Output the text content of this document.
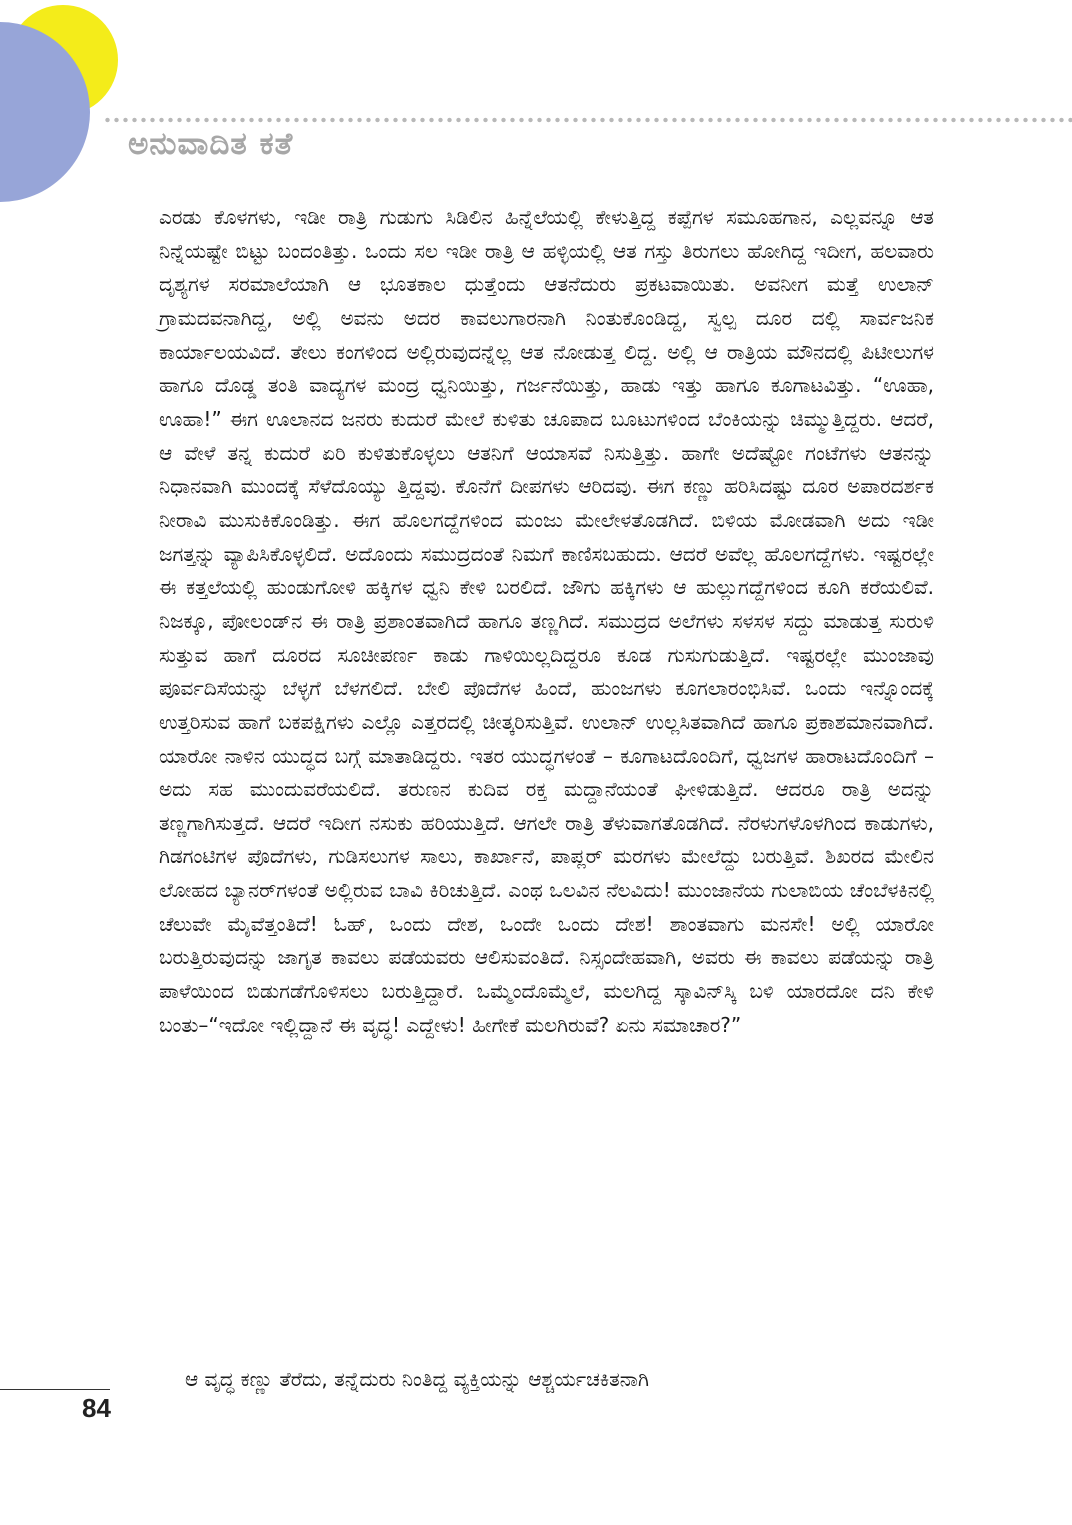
ಅನುವಾದಿತ ಕತೆ

ಎರಡು ಕೊಳಗಳು, ಇಡೀ ರಾತ್ರಿ ಗುಡುಗು ಸಿಡಿಲಿನ ಹಿನ್ನೆಲೆಯಲ್ಲಿ ಕೇಳುತ್ತಿದ್ದ ಕಪ್ಪೆಗಳ ಸಮೂಹಗಾನ, ಎಲ್ಲವನ್ನೂ ಆತ ನಿನ್ನೆಯಷ್ಟೇ ಬಿಟ್ಟು ಬಂದಂತಿತ್ತು. ಒಂದು ಸಲ ಇಡೀ ರಾತ್ರಿ ಆ ಹಳ್ಳಿಯಲ್ಲಿ ಆತ ಗಸ್ತು ತಿರುಗಲು ಹೋಗಿದ್ದ ಇದೀಗ, ಹಲವಾರು ದೃಶ್ಯಗಳ ಸರಮಾಲೆಯಾಗಿ ಆ ಭೂತಕಾಲ ಧುತ್ತೆಂದು ಆತನೆದುರು ಪ್ರಕಟವಾಯಿತು. ಅವನೀಗ ಮತ್ತೆ ಉಲಾನ್ ಗ್ರಾಮದವನಾಗಿದ್ದ, ಅಲ್ಲಿ ಅವನು ಅದರ ಕಾವಲುಗಾರನಾಗಿ ನಿಂತುಕೊಂಡಿದ್ದ, ಸ್ವಲ್ಪ ದೂರ ದಲ್ಲಿ ಸಾರ್ವಜನಿಕ ಕಾರ್ಯಾಲಯವಿದೆ. ತೇಲು ಕಂಗಳಿಂದ ಅಲ್ಲಿರುವುದನ್ನೆಲ್ಲ ಆತ ನೋಡುತ್ತ ಲಿದ್ದ. ಅಲ್ಲಿ ಆ ರಾತ್ರಿಯ ಮೌನದಲ್ಲಿ ಪಿಟೀಲುಗಳ ಹಾಗೂ ದೊಡ್ಡ ತಂತಿ ವಾದ್ಯಗಳ ಮಂದ್ರ ಧ್ವನಿಯಿತ್ತು, ಗರ್ಜನೆಯಿತ್ತು, ಹಾಡು ಇತ್ತು ಹಾಗೂ ಕೂಗಾಟವಿತ್ತು. “ಊಹಾ, ಊಹಾ!” ಈಗ ಊಲಾನದ ಜನರು ಕುದುರೆ ಮೇಲೆ ಕುಳಿತು ಚೂಪಾದ ಬೂಟುಗಳಿಂದ ಬೆಂಕಿಯನ್ನು ಚಿಮ್ಮುತ್ತಿದ್ದರು. ಆದರೆ, ಆ ವೇಳೆ ತನ್ನ ಕುದುರೆ ಏರಿ ಕುಳಿತುಕೊಳ್ಳಲು ಆತನಿಗೆ ಆಯಾಸವೆ ನಿಸುತ್ತಿತ್ತು. ಹಾಗೇ ಅದೆಷ್ಟೋ ಗಂಟೆಗಳು ಆತನನ್ನು ನಿಧಾನವಾಗಿ ಮುಂದಕ್ಕೆ ಸೆಳೆದೊಯ್ಯು ತ್ತಿದ್ದವು. ಕೊನೆಗೆ ದೀಪಗಳು ಆರಿದವು. ಈಗ ಕಣ್ಣು ಹರಿಸಿದಷ್ಟು ದೂರ ಅಪಾರದರ್ಶಕ ನೀರಾವಿ ಮುಸುಕಿಕೊಂಡಿತ್ತು. ಈಗ ಹೊಲಗದ್ದೆಗಳಿಂದ ಮಂಜು ಮೇಲೇಳತೊಡಗಿದೆ. ಬಿಳಿಯ ಮೋಡವಾಗಿ ಅದು ಇಡೀ ಜಗತ್ತನ್ನು ವ್ಯಾಪಿಸಿಕೊಳ್ಳಲಿದೆ. ಅದೊಂದು ಸಮುದ್ರದಂತೆ ನಿಮಗೆ ಕಾಣಿಸಬಹುದು. ಆದರೆ ಅವೆಲ್ಲ ಹೊಲಗದ್ದೆಗಳು. ಇಷ್ಟರಲ್ಲೇ ಈ ಕತ್ತಲೆಯಲ್ಲಿ ಹುಂಡುಗೋಳಿ ಹಕ್ಕಿಗಳ ಧ್ವನಿ ಕೇಳಿ ಬರಲಿದೆ. ಜೌಗು ಹಕ್ಕಿಗಳು ಆ ಹುಲ್ಲುಗದ್ದೆಗಳಿಂದ ಕೂಗಿ ಕರೆಯಲಿವೆ. ನಿಜಕ್ಕೂ, ಪೋಲಂಡ್‌ನ ಈ ರಾತ್ರಿ ಪ್ರಶಾಂತವಾಗಿದೆ ಹಾಗೂ ತಣ್ಣಗಿದೆ. ಸಮುದ್ರದ ಅಲೆಗಳು ಸಳಸಳ ಸದ್ದು ಮಾಡುತ್ತ ಸುರುಳಿ ಸುತ್ತುವ ಹಾಗೆ ದೂರದ ಸೂಚೀಪರ್ಣ ಕಾಡು ಗಾಳಿಯಿಲ್ಲದಿದ್ದರೂ ಕೂಡ ಗುಸುಗುಡುತ್ತಿದೆ. ಇಷ್ಟರಲ್ಲೇ ಮುಂಜಾವು ಪೂರ್ವದಿಸೆಯನ್ನು ಬೆಳ್ಳಗೆ ಬೆಳಗಲಿದೆ. ಬೇಲಿ ಪೊದೆಗಳ ಹಿಂದೆ, ಹುಂಜಗಳು ಕೂಗಲಾರಂಭಿಸಿವೆ. ಒಂದು ಇನ್ನೊಂದಕ್ಕೆ ಉತ್ತರಿಸುವ ಹಾಗೆ ಬಕಪಕ್ಷಿಗಳು ಎಲ್ಲೊ ಎತ್ತರದಲ್ಲಿ ಚೀತ್ಕರಿಸುತ್ತಿವೆ. ಉಲಾನ್ ಉಲ್ಲಸಿತವಾಗಿದೆ ಹಾಗೂ ಪ್ರಕಾಶಮಾನವಾಗಿದೆ. ಯಾರೋ ನಾಳಿನ ಯುದ್ಧದ ಬಗ್ಗೆ ಮಾತಾಡಿದ್ದರು. ಇತರ ಯುದ್ಧಗಳಂತೆ – ಕೂಗಾಟದೊಂದಿಗೆ, ಧ್ವಜಗಳ ಹಾರಾಟದೊಂದಿಗೆ – ಅದು ಸಹ ಮುಂದುವರೆಯಲಿದೆ. ತರುಣನ ಕುದಿವ ರಕ್ತ ಮದ್ದಾನೆಯಂತೆ ಘೀಳಿಡುತ್ತಿದೆ. ಆದರೂ ರಾತ್ರಿ ಅದನ್ನು ತಣ್ಣಗಾಗಿಸುತ್ತದೆ. ಆದರೆ ಇದೀಗ ನಸುಕು ಹರಿಯುತ್ತಿದೆ. ಆಗಲೇ ರಾತ್ರಿ ತೆಳುವಾಗತೊಡಗಿದೆ. ನೆರಳುಗಳೊಳಗಿಂದ ಕಾಡುಗಳು, ಗಿಡಗಂಟಿಗಳ ಪೊದೆಗಳು, ಗುಡಿಸಲುಗಳ ಸಾಲು, ಕಾರ್ಖಾನೆ, ಪಾಪ್ಲರ್ ಮರಗಳು ಮೇಲೆದ್ದು ಬರುತ್ತಿವೆ. ಶಿಖರದ ಮೇಲಿನ ಲೋಹದ ಬ್ಯಾನರ್‌ಗಳಂತೆ ಅಲ್ಲಿರುವ ಬಾವಿ ಕಿರಿಚುತ್ತಿದೆ. ಎಂಥ ಒಲವಿನ ನೆಲವಿದು! ಮುಂಜಾನೆಯ ಗುಲಾಬಿಯ ಚೆಂಬೆಳಕಿನಲ್ಲಿ ಚೆಲುವೇ ಮೈವೆತ್ತಂತಿದೆ! ಓಹ್, ಒಂದು ದೇಶ, ಒಂದೇ ಒಂದು ದೇಶ! ಶಾಂತವಾಗು ಮನಸೇ! ಅಲ್ಲಿ ಯಾರೋ ಬರುತ್ತಿರುವುದನ್ನು ಜಾಗೃತ ಕಾವಲು ಪಡೆಯವರು ಆಲಿಸುವಂತಿದೆ. ನಿಸ್ಸಂದೇಹವಾಗಿ, ಅವರು ಈ ಕಾವಲು ಪಡೆಯನ್ನು ರಾತ್ರಿ ಪಾಳೆಯಿಂದ ಬಿಡುಗಡೆಗೊಳಿಸಲು ಬರುತ್ತಿದ್ದಾರೆ. ಒಮ್ಮೆಂದೊಮ್ಮೆಲೆ, ಮಲಗಿದ್ದ ಸ್ಕಾವಿನ್‌ಸ್ಕಿ ಬಳಿ ಯಾರದೋ ದನಿ ಕೇಳಿ ಬಂತು–“ಇದೋ ಇಲ್ಲಿದ್ದಾನೆ ಈ ವೃದ್ಧ! ಎದ್ದೇಳು! ಹೀಗೇಕೆ ಮಲಗಿರುವೆ? ಏನು ಸಮಾಚಾರ?”

ಆ ವೃದ್ಧ ಕಣ್ಣು ತೆರೆದು, ತನ್ನೆದುರು ನಿಂತಿದ್ದ ವ್ಯಕ್ತಿಯನ್ನು ಆಶ್ಚರ್ಯಚಕಿತನಾಗಿ

84
